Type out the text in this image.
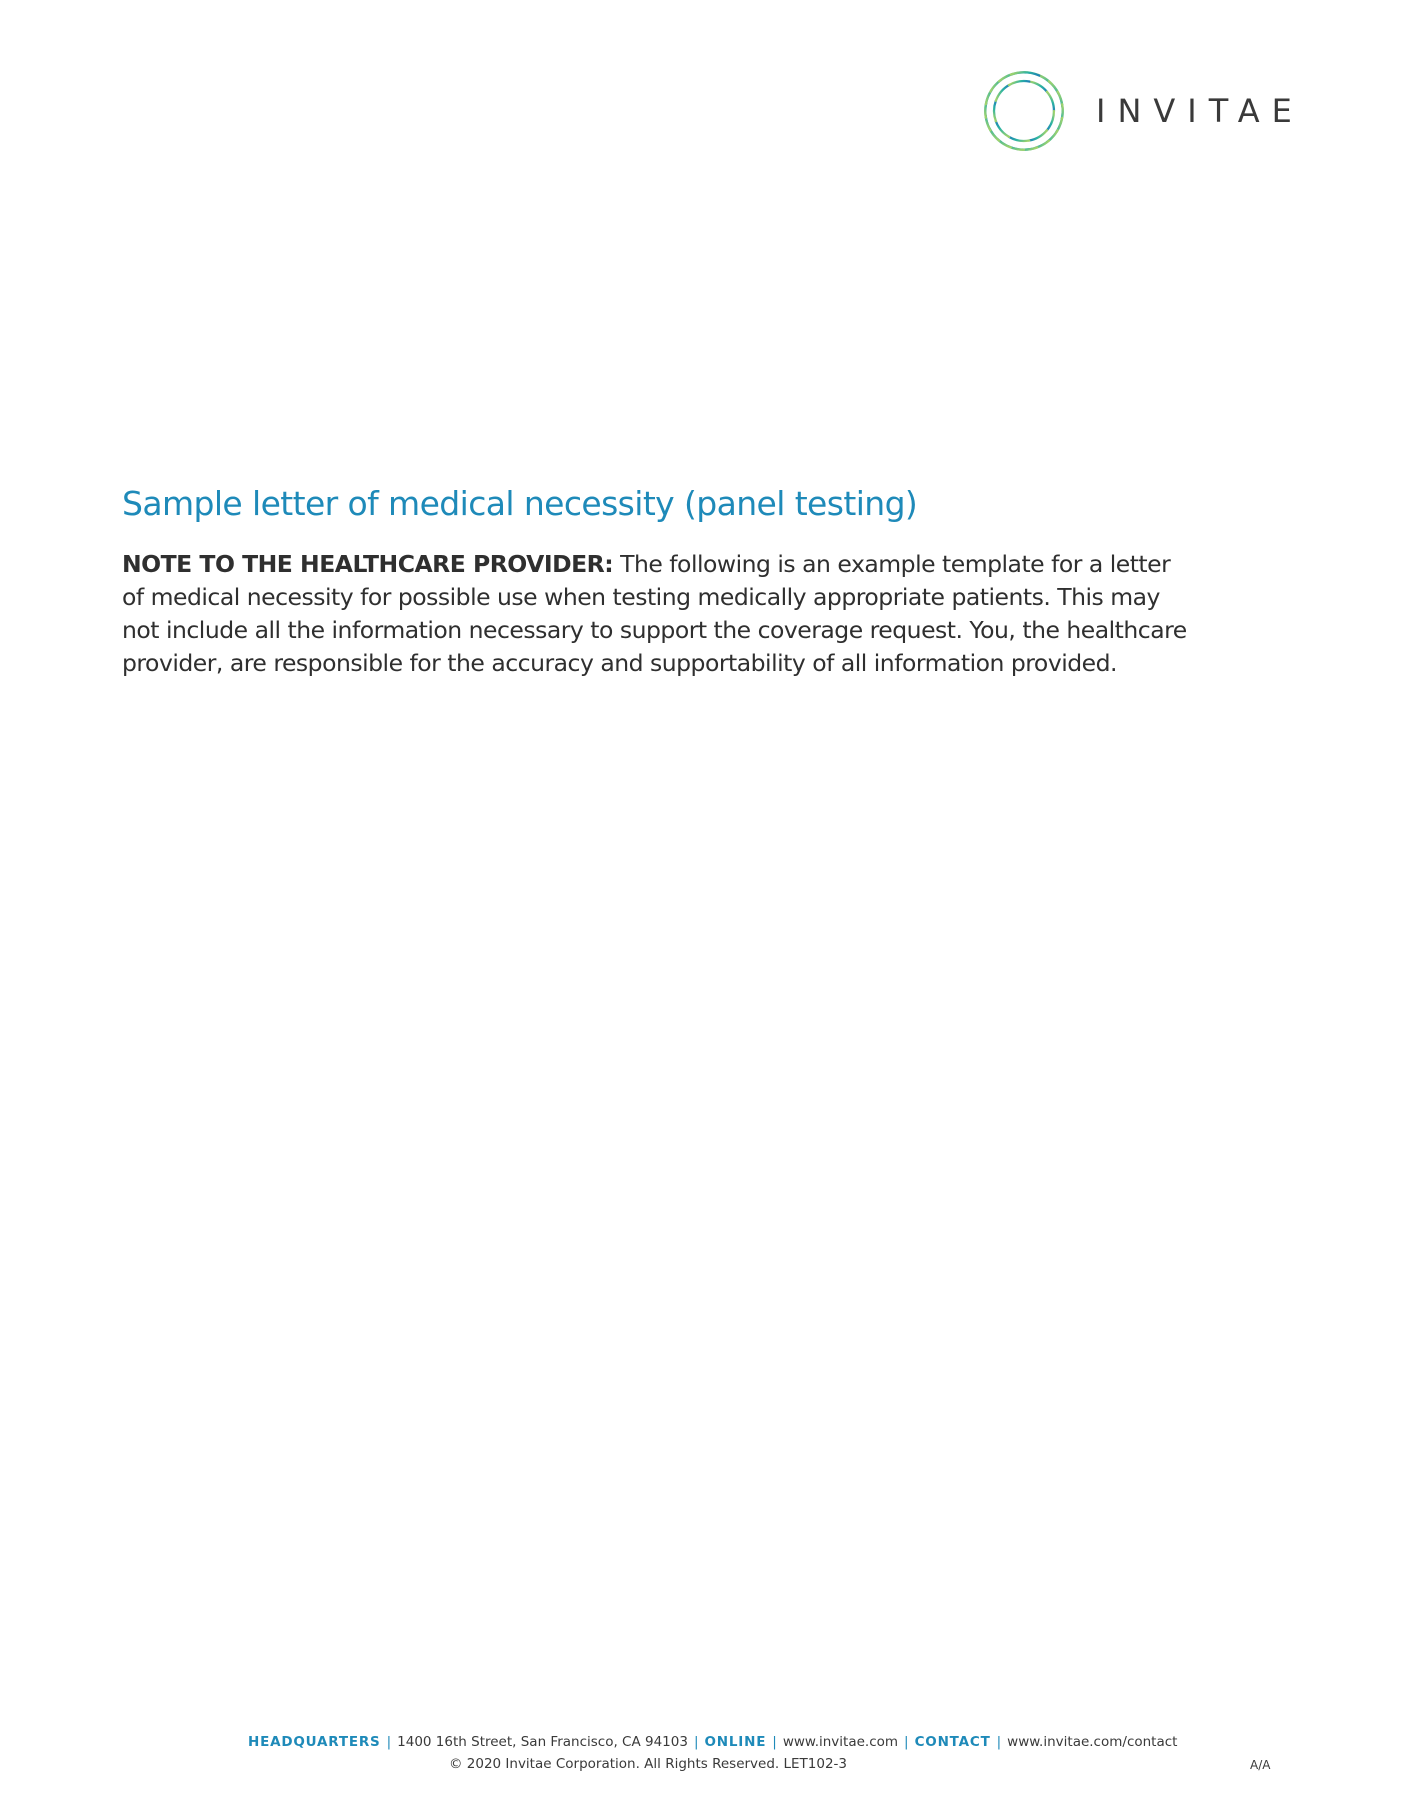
INVITAE
Sample letter of medical necessity (panel testing)
NOTE TO THE HEALTHCARE PROVIDER: The following is an example template for a letter of medical necessity for possible use when testing medically appropriate patients. This may not include all the information necessary to support the coverage request. You, the healthcare provider, are responsible for the accuracy and supportability of all information provided.
HEADQUARTERS | 1400 16th Street, San Francisco, CA 94103 | ONLINE | www.invitae.com | CONTACT | www.invitae.com/contact
© 2020 Invitae Corporation. All Rights Reserved. LET102-3	A/A
